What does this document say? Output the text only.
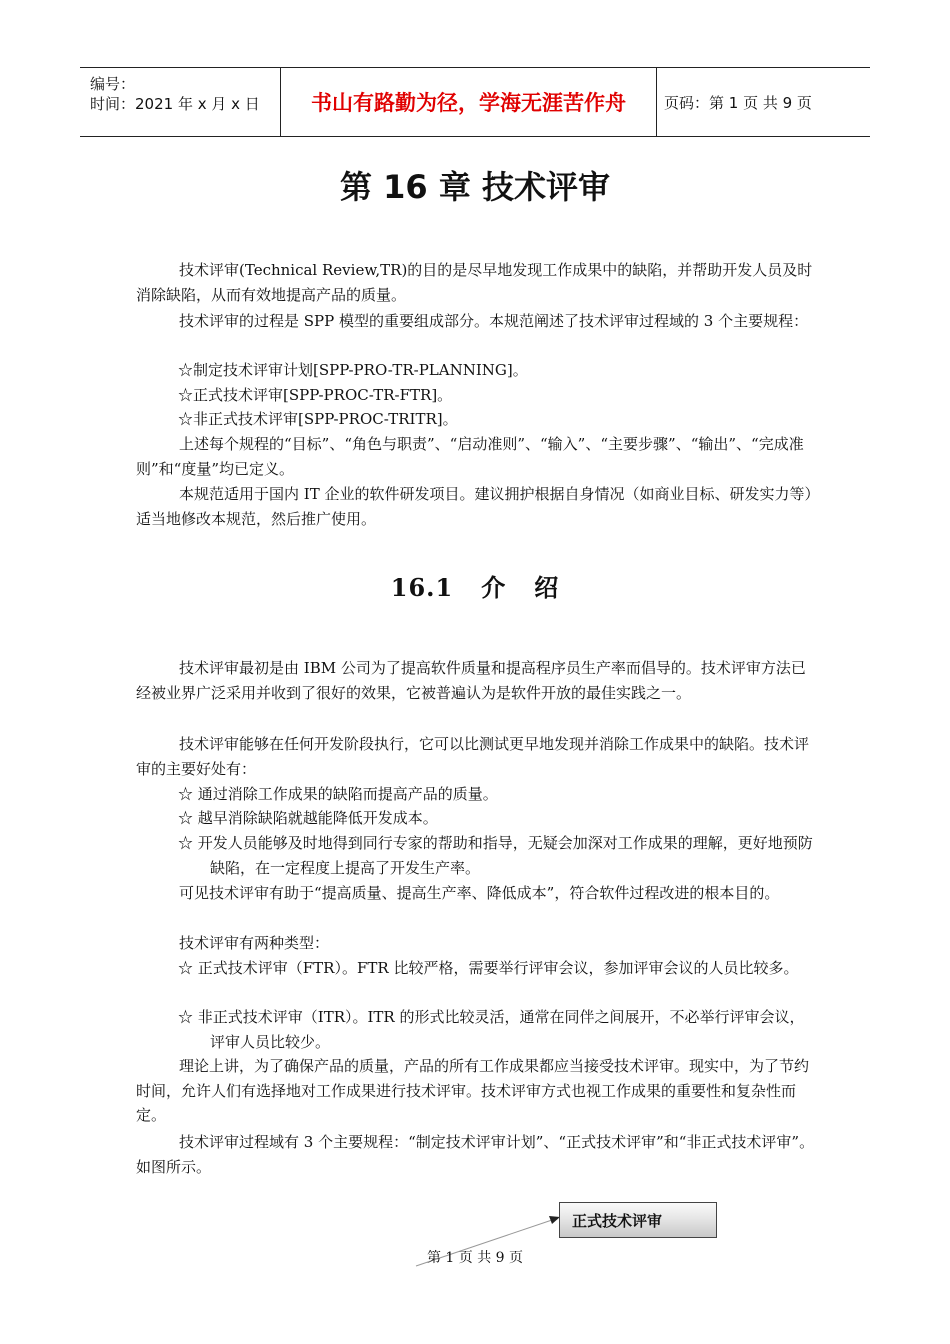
编号：
时间：2021 年 x 月 x 日	书山有路勤为径，学海无涯苦作舟	页码：第 1 页 共 9 页
第 16 章 技术评审

技术评审(Technical Review,TR)的目的是尽早地发现工作成果中的缺陷，并帮助开发人员及时消除缺陷，从而有效地提高产品的质量。

技术评审的过程是 SPP 模型的重要组成部分。本规范阐述了技术评审过程域的 3 个主要规程：

☆制定技术评审计划[SPP-PRO-TR-PLANNING]。
☆正式技术评审[SPP-PROC-TR-FTR]。
☆非正式技术评审[SPP-PROC-TRITR]。

上述每个规程的“目标”、“角色与职责”、“启动准则”、“输入”、“主要步骤”、“输出”、“完成准则”和“度量”均已定义。

本规范适用于国内 IT 企业的软件研发项目。建议拥护根据自身情况（如商业目标、研发实力等）适当地修改本规范，然后推广使用。

16.1 介 绍

技术评审最初是由 IBM 公司为了提高软件质量和提高程序员生产率而倡导的。技术评审方法已经被业界广泛采用并收到了很好的效果，它被普遍认为是软件开放的最佳实践之一。

技术评审能够在任何开发阶段执行，它可以比测试更早地发现并消除工作成果中的缺陷。技术评审的主要好处有：

☆ 通过消除工作成果的缺陷而提高产品的质量。
☆ 越早消除缺陷就越能降低开发成本。
☆ 开发人员能够及时地得到同行专家的帮助和指导，无疑会加深对工作成果的理解，更好地预防缺陷，在一定程度上提高了开发生产率。

可见技术评审有助于“提高质量、提高生产率、降低成本”，符合软件过程改进的根本目的。

技术评审有两种类型：

☆ 正式技术评审（FTR）。FTR 比较严格，需要举行评审会议，参加评审会议的人员比较多。
☆ 非正式技术评审（ITR）。ITR 的形式比较灵活，通常在同伴之间展开，不必举行评审会议，评审人员比较少。

理论上讲，为了确保产品的质量，产品的所有工作成果都应当接受技术评审。现实中，为了节约时间，允许人们有选择地对工作成果进行技术评审。技术评审方式也视工作成果的重要性和复杂性而定。

技术评审过程域有 3 个主要规程：“制定技术评审计划”、“正式技术评审”和“非正式技术评审”。如图所示。

正式技术评审
第 1 页 共 9 页
